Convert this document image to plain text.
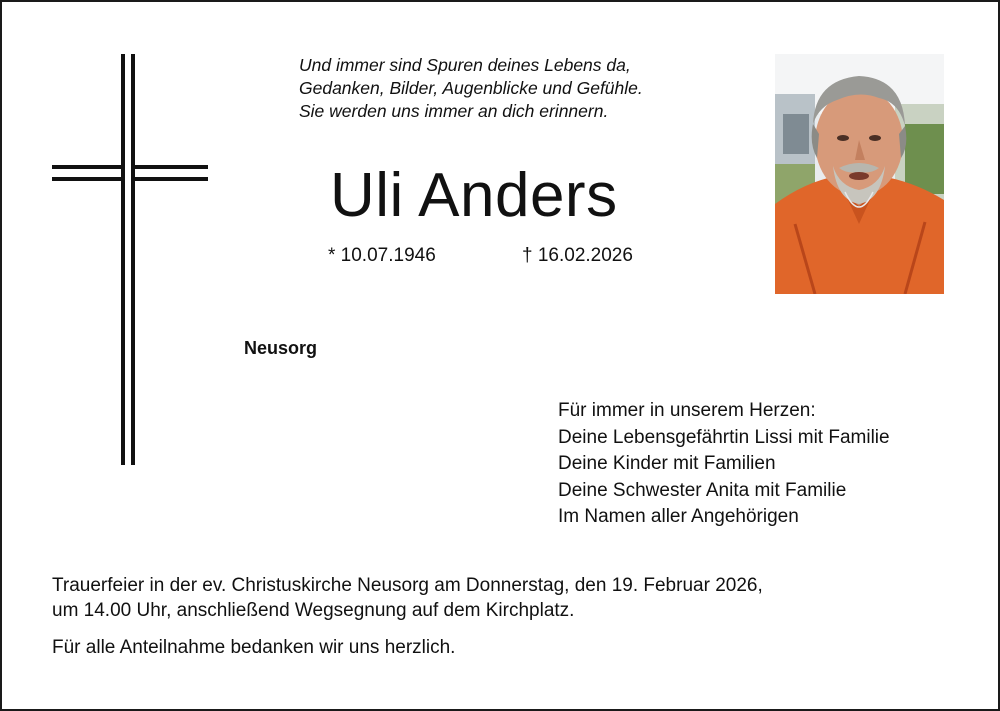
Und immer sind Spuren deines Lebens da,
Gedanken, Bilder, Augenblicke und Gefühle.
Sie werden uns immer an dich erinnern.
Uli Anders
* 10.07.1946	† 16.02.2026
Neusorg
Für immer in unserem Herzen:
Deine Lebensgefährtin Lissi mit Familie
Deine Kinder mit Familien
Deine Schwester Anita mit Familie
Im Namen aller Angehörigen
Trauerfeier in der ev. Christuskirche Neusorg am Donnerstag, den 19. Februar 2026,
um 14.00 Uhr, anschließend Wegsegnung auf dem Kirchplatz.
Für alle Anteilnahme bedanken wir uns herzlich.
